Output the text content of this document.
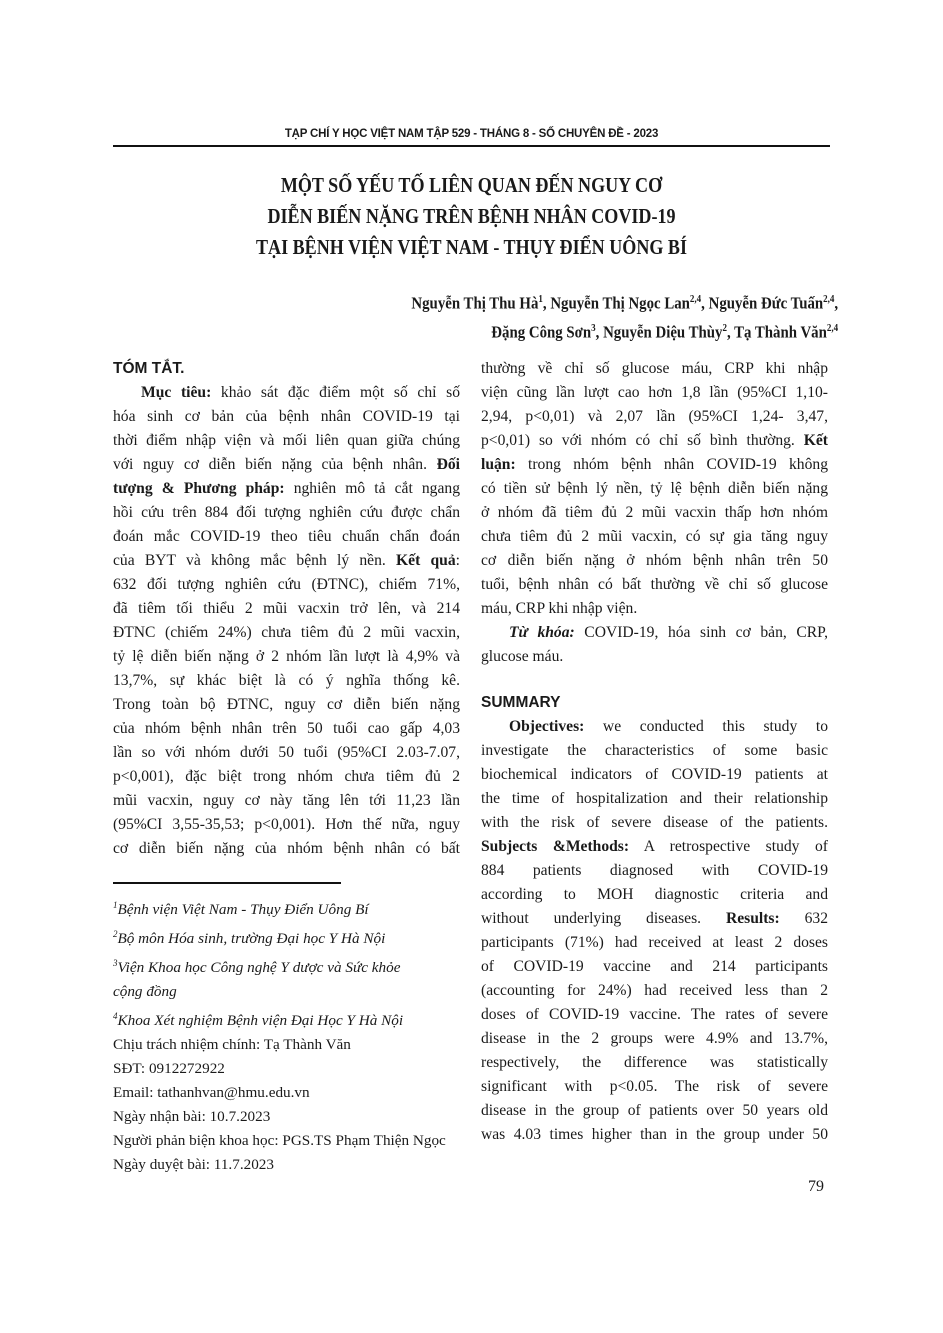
TẠP CHÍ Y HỌC VIỆT NAM TẬP 529 - THÁNG 8 - SỐ CHUYÊN ĐỀ - 2023
MỘT SỐ YẾU TỐ LIÊN QUAN ĐẾN NGUY CƠ
DIỄN BIẾN NẶNG TRÊN BỆNH NHÂN COVID-19
TẠI BỆNH VIỆN VIỆT NAM - THỤY ĐIỂN UÔNG BÍ
Nguyễn Thị Thu $Hà^1$, Nguyễn Thị Ngọc Lan$^{2,4}$, Nguyễn Đức Tuấn$^{2,4}$,
Đặng Công Sơn$^3$, Nguyễn Diệu Thùy$^2$, Tạ Thành Văn$^{2,4}$
TÓM TẮT.
Mục tiêu: khảo sát đặc điểm một số chỉ số
hóa sinh cơ bản của bệnh nhân COVID-19 tại
thời điểm nhập viện và mối liên quan giữa chúng
với nguy cơ diễn biến nặng của bệnh nhân. Đối
tượng & Phương pháp: nghiên mô tả cắt ngang
hồi cứu trên 884 đối tượng nghiên cứu được chẩn
đoán mắc COVID-19 theo tiêu chuẩn chẩn đoán
của BYT và không mắc bệnh lý nền. Kết quả:
632 đối tượng nghiên cứu (ĐTNC), chiếm 71%,
đã tiêm tối thiểu 2 mũi vacxin trở lên, và 214
ĐTNC (chiếm 24%) chưa tiêm đủ 2 mũi vacxin,
tỷ lệ diễn biến nặng ở 2 nhóm lần lượt là 4,9% và
13,7%, sự khác biệt là có ý nghĩa thống kê.
Trong toàn bộ ĐTNC, nguy cơ diễn biến nặng
của nhóm bệnh nhân trên 50 tuổi cao gấp 4,03
lần so với nhóm dưới 50 tuổi (95%CI 2.03-7.07,
p<0,001), đặc biệt trong nhóm chưa tiêm đủ 2
mũi vacxin, nguy cơ này tăng lên tới 11,23 lần
(95%CI 3,55-35,53; p<0,001). Hơn thế nữa, nguy
cơ diễn biến nặng của nhóm bệnh nhân có bất
thường về chỉ số glucose máu, CRP khi nhập
viện cũng lần lượt cao hơn 1,8 lần (95%CI 1,10-
2,94, p<0,01) và 2,07 lần (95%CI 1,24- 3,47,
p<0,01) so với nhóm có chỉ số bình thường. Kết
luận: trong nhóm bệnh nhân COVID-19 không
có tiền sử bệnh lý nền, tỷ lệ bệnh diễn biến nặng
ở nhóm đã tiêm đủ 2 mũi vacxin thấp hơn nhóm
chưa tiêm đủ 2 mũi vacxin, có sự gia tăng nguy
cơ diễn biến nặng ở nhóm bệnh nhân trên 50
tuổi, bệnh nhân có bất thường về chỉ số glucose
máu, CRP khi nhập viện.
Từ khóa: COVID-19, hóa sinh cơ bản, CRP,
glucose máu.
SUMMARY
Objectives: we conducted this study to
investigate the characteristics of some basic
biochemical indicators of COVID-19 patients at
the time of hospitalization and their relationship
with the risk of severe disease of the patients.
Subjects &Methods: A retrospective study of
884 patients diagnosed with COVID-19
according to MOH diagnostic criteria and
without underlying diseases. Results: 632
participants (71%) had received at least 2 doses
of COVID-19 vaccine and 214 participants
(accounting for 24%) had received less than 2
doses of COVID-19 vaccine. The rates of severe
disease in the 2 groups were 4.9% and 13.7%,
respectively, the difference was statistically
significant with p<0.05. The risk of severe
disease in the group of patients over 50 years old
was 4.03 times higher than in the group under 50
$^1$Bệnh viện Việt Nam - Thụy Điển Uông Bí
$^2$Bộ môn Hóa sinh, trường Đại học Y Hà Nội
$^3$Viện Khoa học Công nghệ Y dược và Sức khỏe
cộng đồng
$^4$Khoa Xét nghiệm Bệnh viện Đại Học Y Hà Nội
Chịu trách nhiệm chính: Tạ Thành Văn
SĐT: 0912272922
Email: tathanhvan@hmu.edu.vn
Ngày nhận bài: 10.7.2023
Người phản biện khoa học: PGS.TS Phạm Thiện Ngọc
Ngày duyệt bài: 11.7.2023
79
